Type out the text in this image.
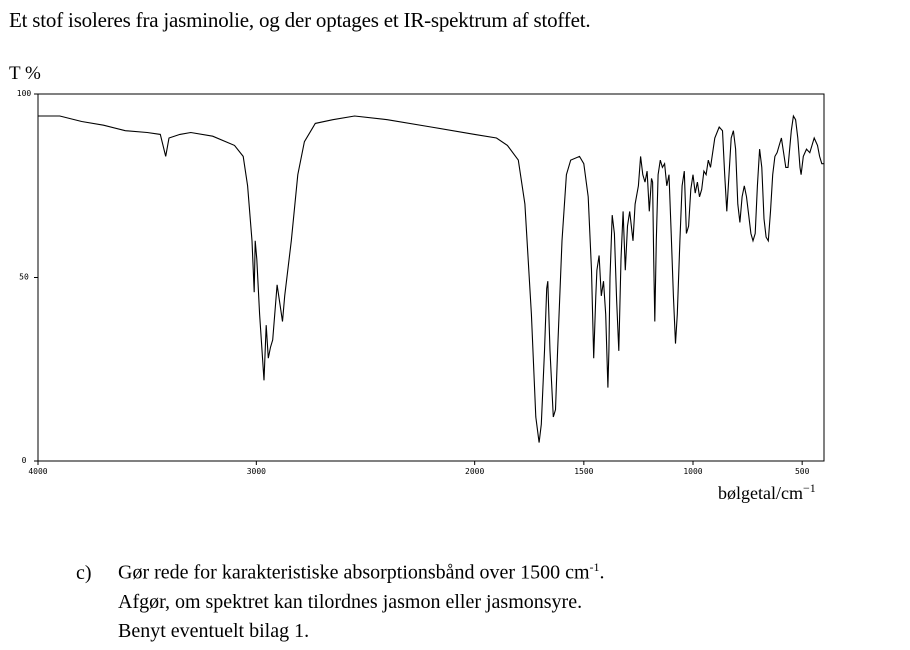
Et stof isoleres fra jasminolie, og der optages et IR-spektrum af stoffet.
T %
4000	3000	2000	1500	1000	500
100
50
0
bølgetal/$cm^{-1}$
c) Gør rede for karakteristiske absorptionsbånd over 1500 $cm^{-1}$.
Afgør, om spektret kan tilordnes jasmon eller jasmonsyre.
Benyt eventuelt bilag 1.
